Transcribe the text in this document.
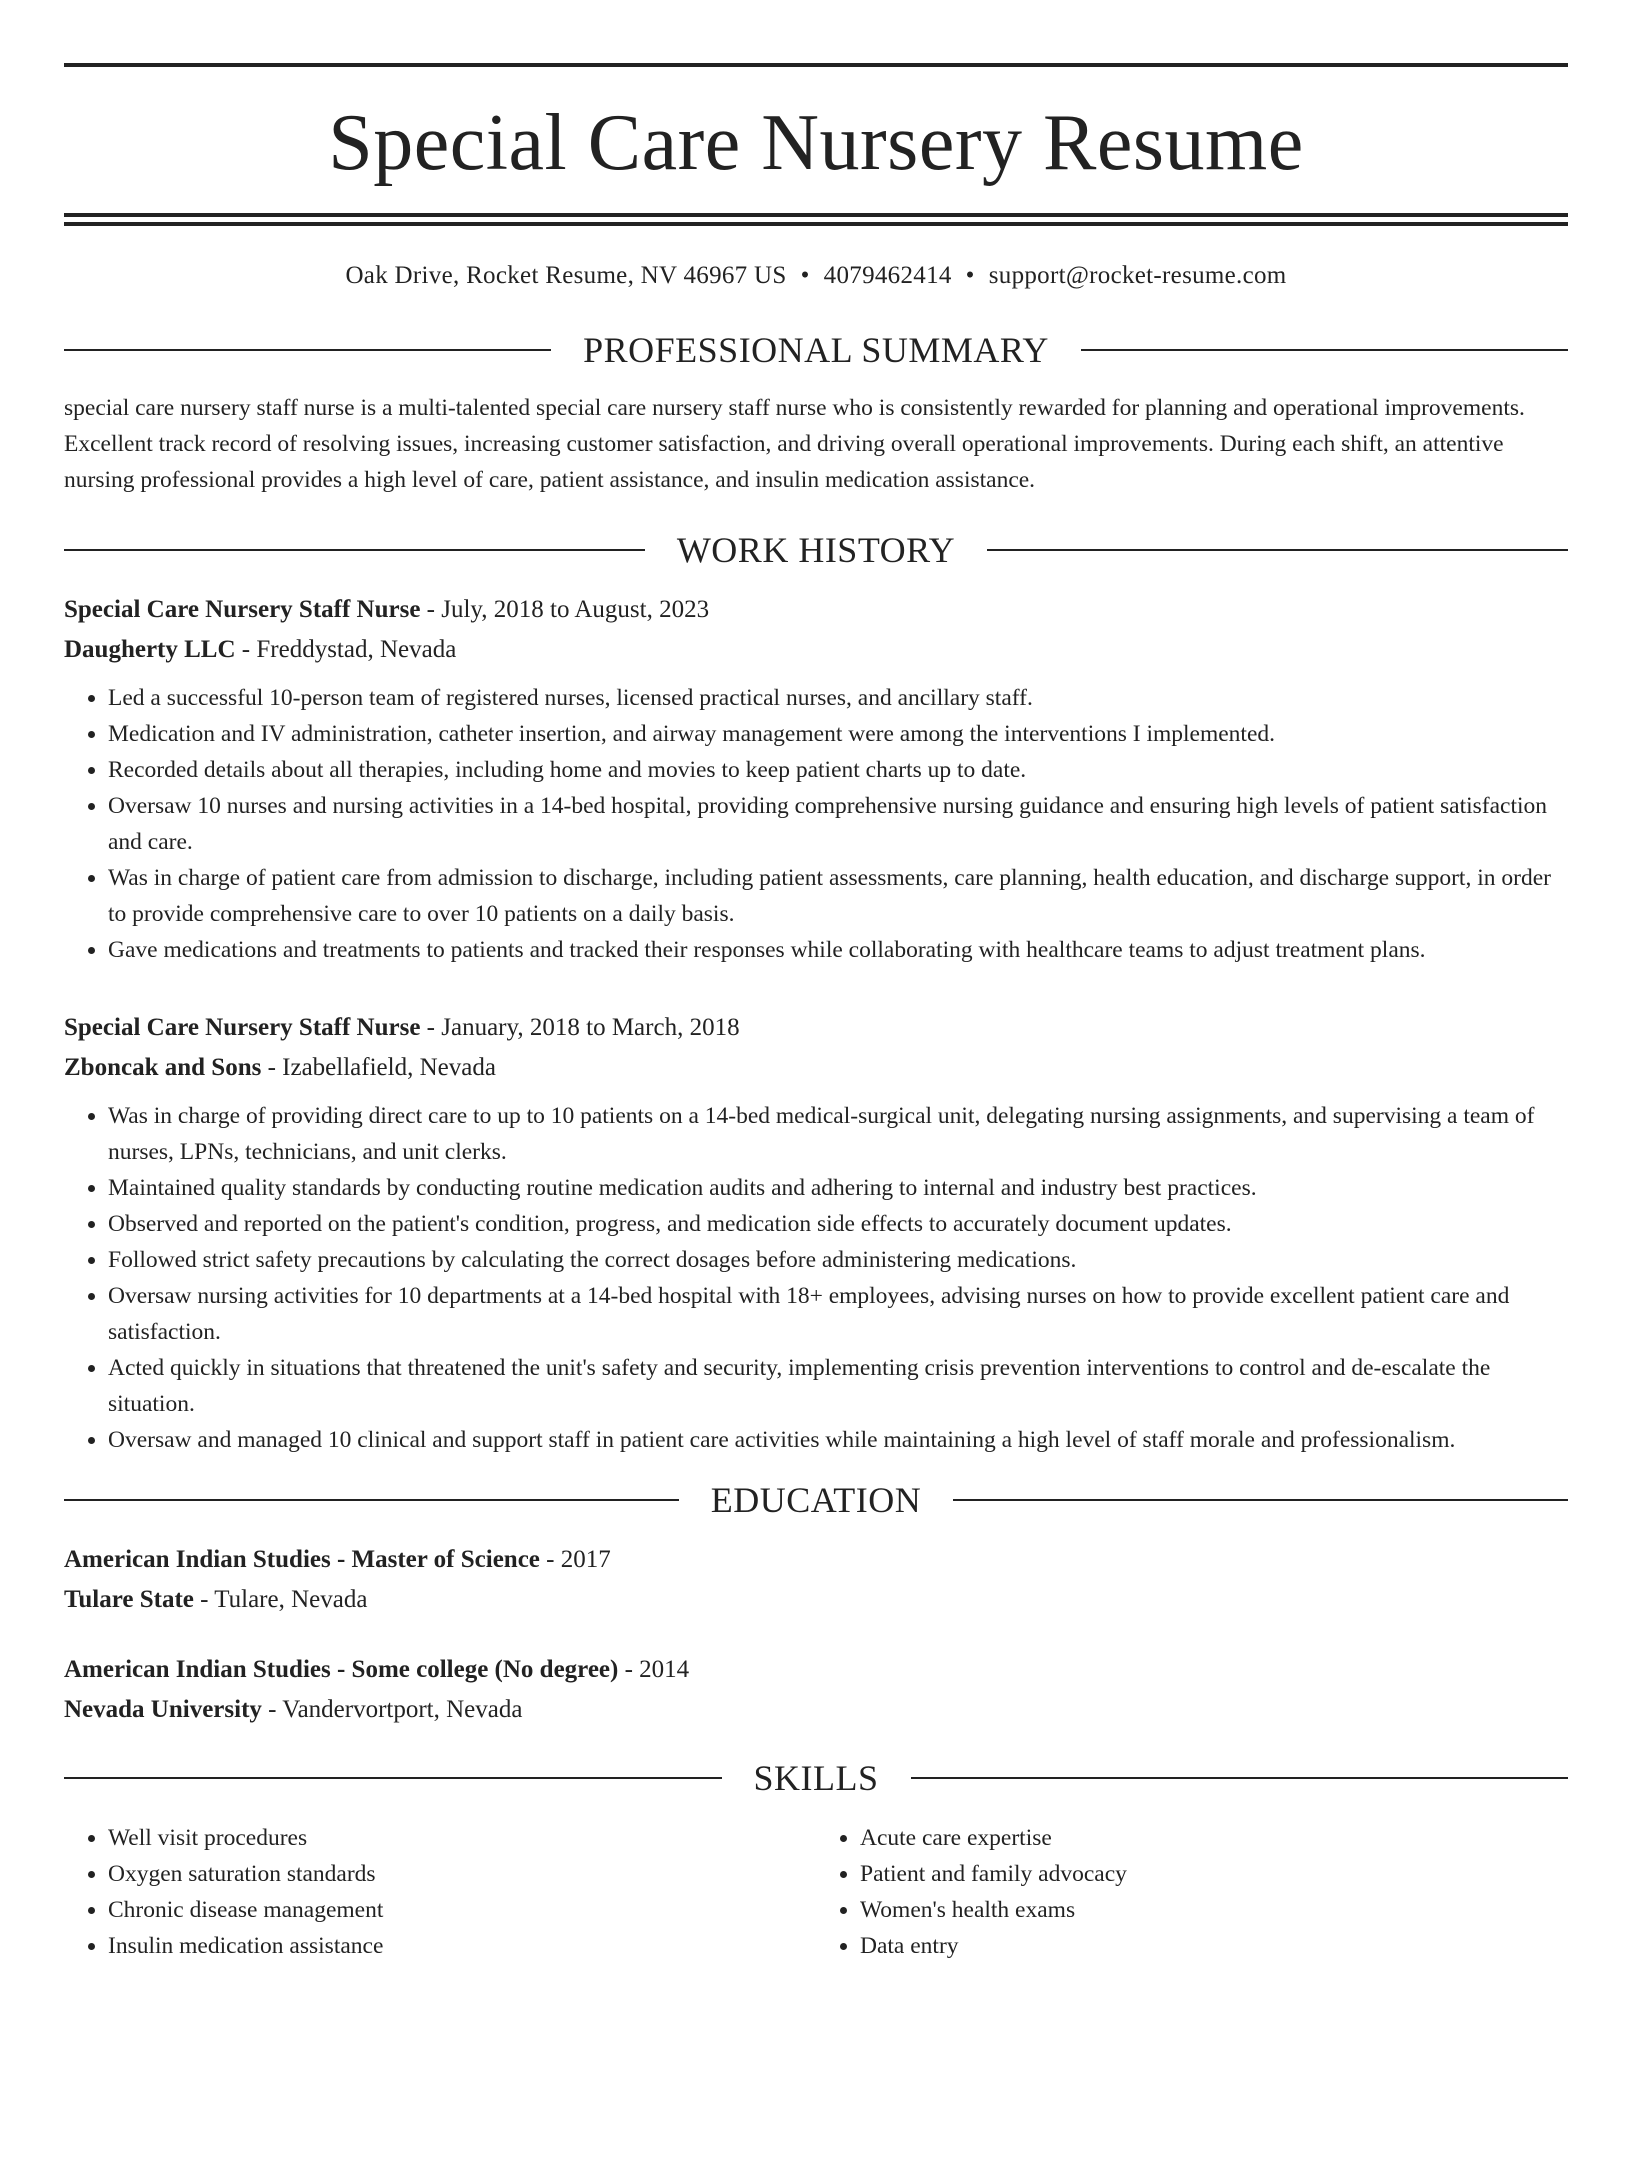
Special Care Nursery Resume
Oak Drive, Rocket Resume, NV 46967 US • 4079462414 • support@rocket-resume.com
PROFESSIONAL SUMMARY
special care nursery staff nurse is a multi-talented special care nursery staff nurse who is consistently rewarded for planning and operational improvements. Excellent track record of resolving issues, increasing customer satisfaction, and driving overall operational improvements. During each shift, an attentive nursing professional provides a high level of care, patient assistance, and insulin medication assistance.
WORK HISTORY
Special Care Nursery Staff Nurse - July, 2018 to August, 2023
Daugherty LLC - Freddystad, Nevada
• Led a successful 10-person team of registered nurses, licensed practical nurses, and ancillary staff.
• Medication and IV administration, catheter insertion, and airway management were among the interventions I implemented.
• Recorded details about all therapies, including home and movies to keep patient charts up to date.
• Oversaw 10 nurses and nursing activities in a 14-bed hospital, providing comprehensive nursing guidance and ensuring high levels of patient satisfaction and care.
• Was in charge of patient care from admission to discharge, including patient assessments, care planning, health education, and discharge support, in order to provide comprehensive care to over 10 patients on a daily basis.
• Gave medications and treatments to patients and tracked their responses while collaborating with healthcare teams to adjust treatment plans.
Special Care Nursery Staff Nurse - January, 2018 to March, 2018
Zboncak and Sons - Izabellafield, Nevada
• Was in charge of providing direct care to up to 10 patients on a 14-bed medical-surgical unit, delegating nursing assignments, and supervising a team of nurses, LPNs, technicians, and unit clerks.
• Maintained quality standards by conducting routine medication audits and adhering to internal and industry best practices.
• Observed and reported on the patient's condition, progress, and medication side effects to accurately document updates.
• Followed strict safety precautions by calculating the correct dosages before administering medications.
• Oversaw nursing activities for 10 departments at a 14-bed hospital with 18+ employees, advising nurses on how to provide excellent patient care and satisfaction.
• Acted quickly in situations that threatened the unit's safety and security, implementing crisis prevention interventions to control and de-escalate the situation.
• Oversaw and managed 10 clinical and support staff in patient care activities while maintaining a high level of staff morale and professionalism.
EDUCATION
American Indian Studies - Master of Science - 2017
Tulare State - Tulare, Nevada
American Indian Studies - Some college (No degree) - 2014
Nevada University - Vandervortport, Nevada
SKILLS
• Well visit procedures
• Oxygen saturation standards
• Chronic disease management
• Insulin medication assistance
• Acute care expertise
• Patient and family advocacy
• Women's health exams
• Data entry
